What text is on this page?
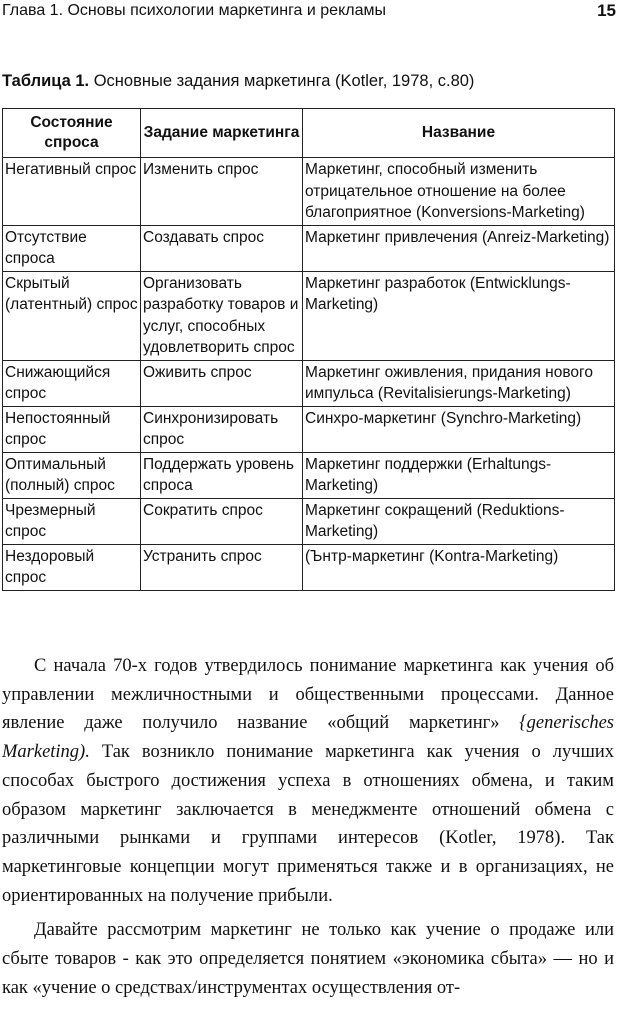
Глава 1. Основы психологии маркетинга и рекламы	15
Таблица 1. Основные задания маркетинга (Kotler, 1978, с.80)
Состояние спроса	Задание маркетинга	Название
Негативный спрос	Изменить спрос	Маркетинг, способный изменить отрицательное отношение на более благоприятное (Konversions-Marketing)
Отсутствие спроса	Создавать спрос	Маркетинг привлечения (Anreiz-Marketing)
Скрытый (латентный) спрос	Организовать разработку товаров и услуг, способных удовлетворить спрос	Маркетинг разработок (Entwicklungs-Marketing)
Снижающийся спрос	Оживить спрос	Маркетинг оживления, придания нового импульса (Revitalisierungs-Marketing)
Непостоянный спрос	Синхронизировать спрос	Синхро-маркетинг (Synchro-Marketing)
Оптимальный (полный) спрос	Поддержать уровень спроса	Маркетинг поддержки (Erhaltungs-Marketing)
Чрезмерный спрос	Сократить спрос	Маркетинг сокращений (Reduktions-Marketing)
Нездоровый спрос	Устранить спрос	(Ънтр-маркетинг (Kontra-Marketing)

С начала 70-х годов утвердилось понимание маркетинга как учения об управлении межличностными и общественными процессами. Данное явление даже получило название «общий маркетинг» {generisches Marketing). Так возникло понимание маркетинга как учения о лучших способах быстрого достижения успеха в отношениях обмена, и таким образом маркетинг заключается в менеджменте отношений обмена с различными рынками и группами интересов (Kotler, 1978). Так маркетинговые концепции могут применяться также и в организациях, не ориентированных на получение прибыли.

Давайте рассмотрим маркетинг не только как учение о продаже или сбыте товаров - как это определяется понятием «экономика сбыта» — но и как «учение о средствах/инструментах осуществления от-
